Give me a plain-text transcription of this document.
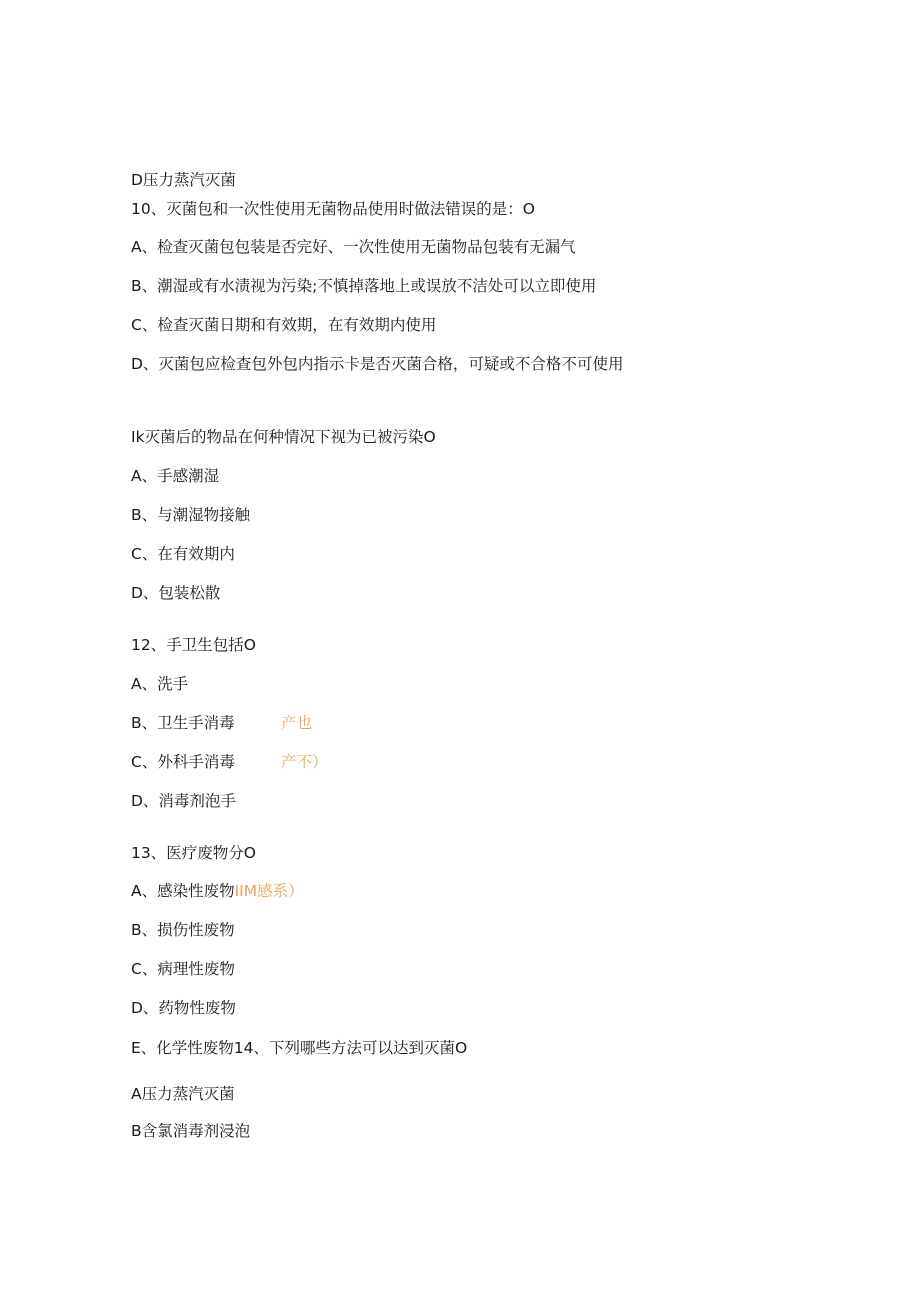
D压力蒸汽灭菌
10、灭菌包和一次性使用无菌物品使用时做法错误的是：O
A、检查灭菌包包装是否完好、一次性使用无菌物品包装有无漏气
B、潮湿或有水渍视为污染;不慎掉落地上或误放不洁处可以立即使用
C、检查灭菌日期和有效期，在有效期内使用
D、灭菌包应检查包外包内指示卡是否灭菌合格，可疑或不合格不可使用
Ik灭菌后的物品在何种情况下视为已被污染O
A、手感潮湿
B、与潮湿物接触
C、在有效期内
D、包装松散
12、手卫生包括O
A、洗手
B、卫生手消毒	产也
C、外科手消毒	产不）
D、消毒剂泡手
13、医疗废物分O
A、感染性废物IIM感系）
B、损伤性废物
C、病理性废物
D、药物性废物
E、化学性废物14、下列哪些方法可以达到灭菌O
A压力蒸汽灭菌
B含氯消毒剂浸泡
